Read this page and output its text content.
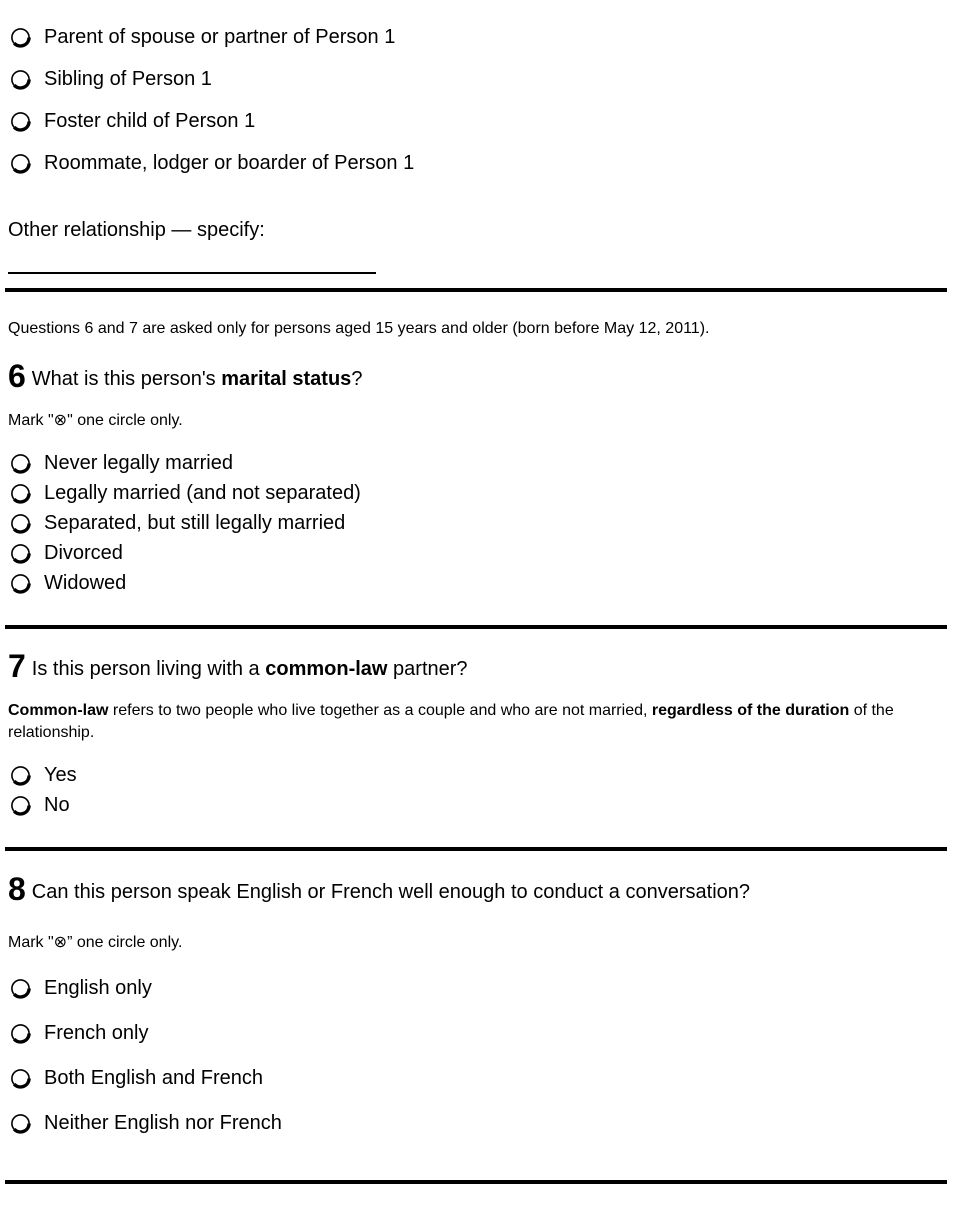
Parent of spouse or partner of Person 1
Sibling of Person 1
Foster child of Person 1
Roommate, lodger or boarder of Person 1
Other relationship — specify:
Questions 6 and 7 are asked only for persons aged 15 years and older (born before May 12, 2011).
6 What is this person's marital status?
Mark "⊗" one circle only.
Never legally married
Legally married (and not separated)
Separated, but still legally married
Divorced
Widowed
7 Is this person living with a common-law partner?
Common-law refers to two people who live together as a couple and who are not married, regardless of the duration of the relationship.
Yes
No
8 Can this person speak English or French well enough to conduct a conversation?
Mark "⊗” one circle only.
English only
French only
Both English and French
Neither English nor French
